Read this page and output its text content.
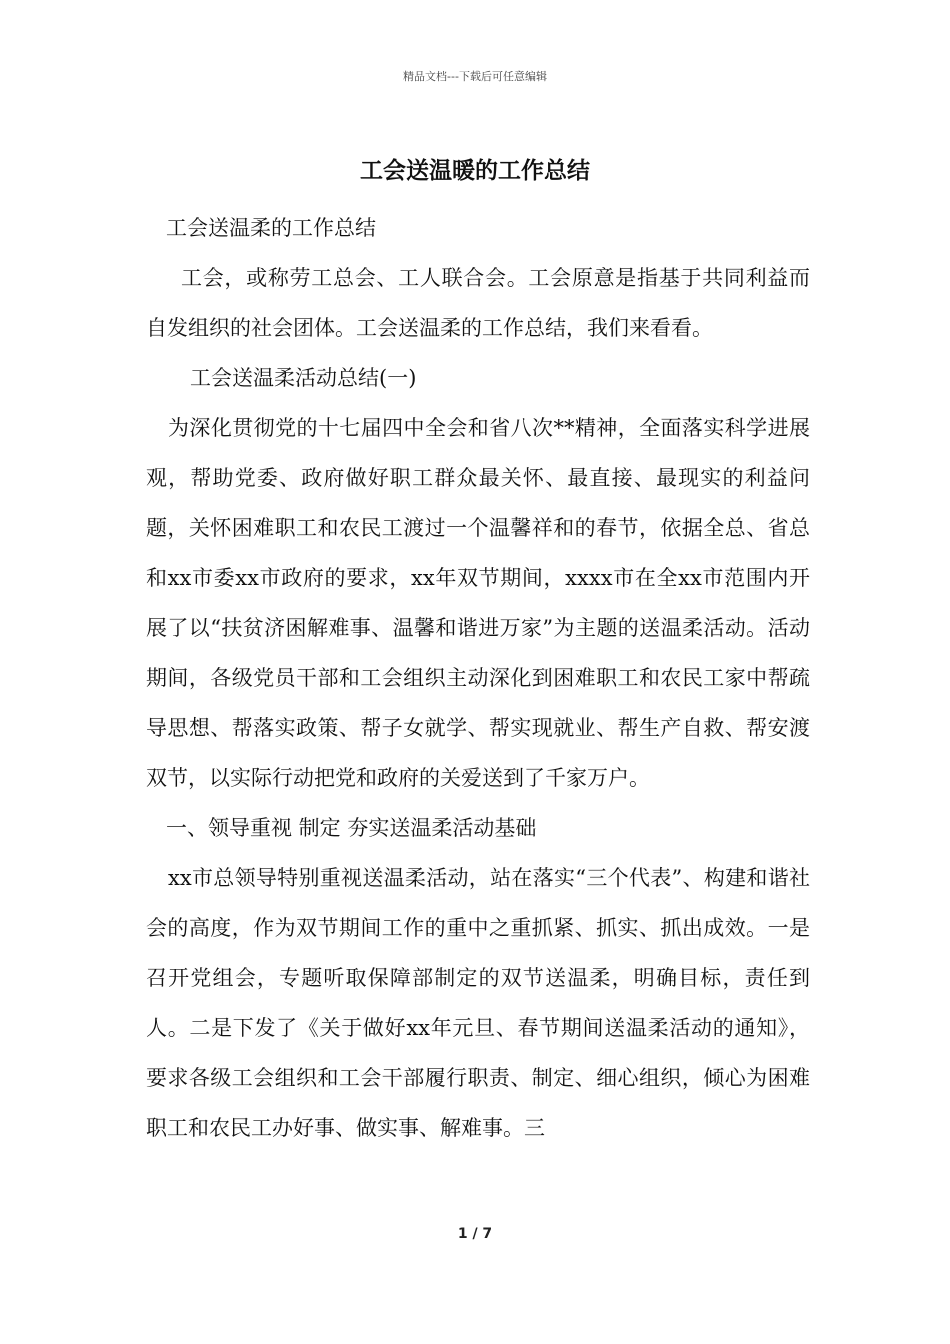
精品文档---下载后可任意编辑
工会送温暖的工作总结

工会送温柔的工作总结

工会，或称劳工总会、工人联合会。工会原意是指基于共同利益而自发组织的社会团体。工会送温柔的工作总结，我们来看看。

工会送温柔活动总结(一)

为深化贯彻党的十七届四中全会和省八次**精神，全面落实科学进展观，帮助党委、政府做好职工群众最关怀、最直接、最现实的利益问题，关怀困难职工和农民工渡过一个温馨祥和的春节，依据全总、省总和xx市委xx市政府的要求，xx年双节期间，xxxx市在全xx市范围内开展了以“扶贫济困解难事、温馨和谐进万家”为主题的送温柔活动。活动期间，各级党员干部和工会组织主动深化到困难职工和农民工家中帮疏导思想、帮落实政策、帮子女就学、帮实现就业、帮生产自救、帮安渡双节，以实际行动把党和政府的关爱送到了千家万户。

一、领导重视 制定 夯实送温柔活动基础

xx市总领导特别重视送温柔活动，站在落实“三个代表”、构建和谐社会的高度，作为双节期间工作的重中之重抓紧、抓实、抓出成效。一是召开党组会，专题听取保障部制定的双节送温柔，明确目标，责任到人。二是下发了《关于做好xx年元旦、春节期间送温柔活动的通知》，要求各级工会组织和工会干部履行职责、制定、细心组织，倾心为困难职工和农民工办好事、做实事、解难事。三

1 / 7
